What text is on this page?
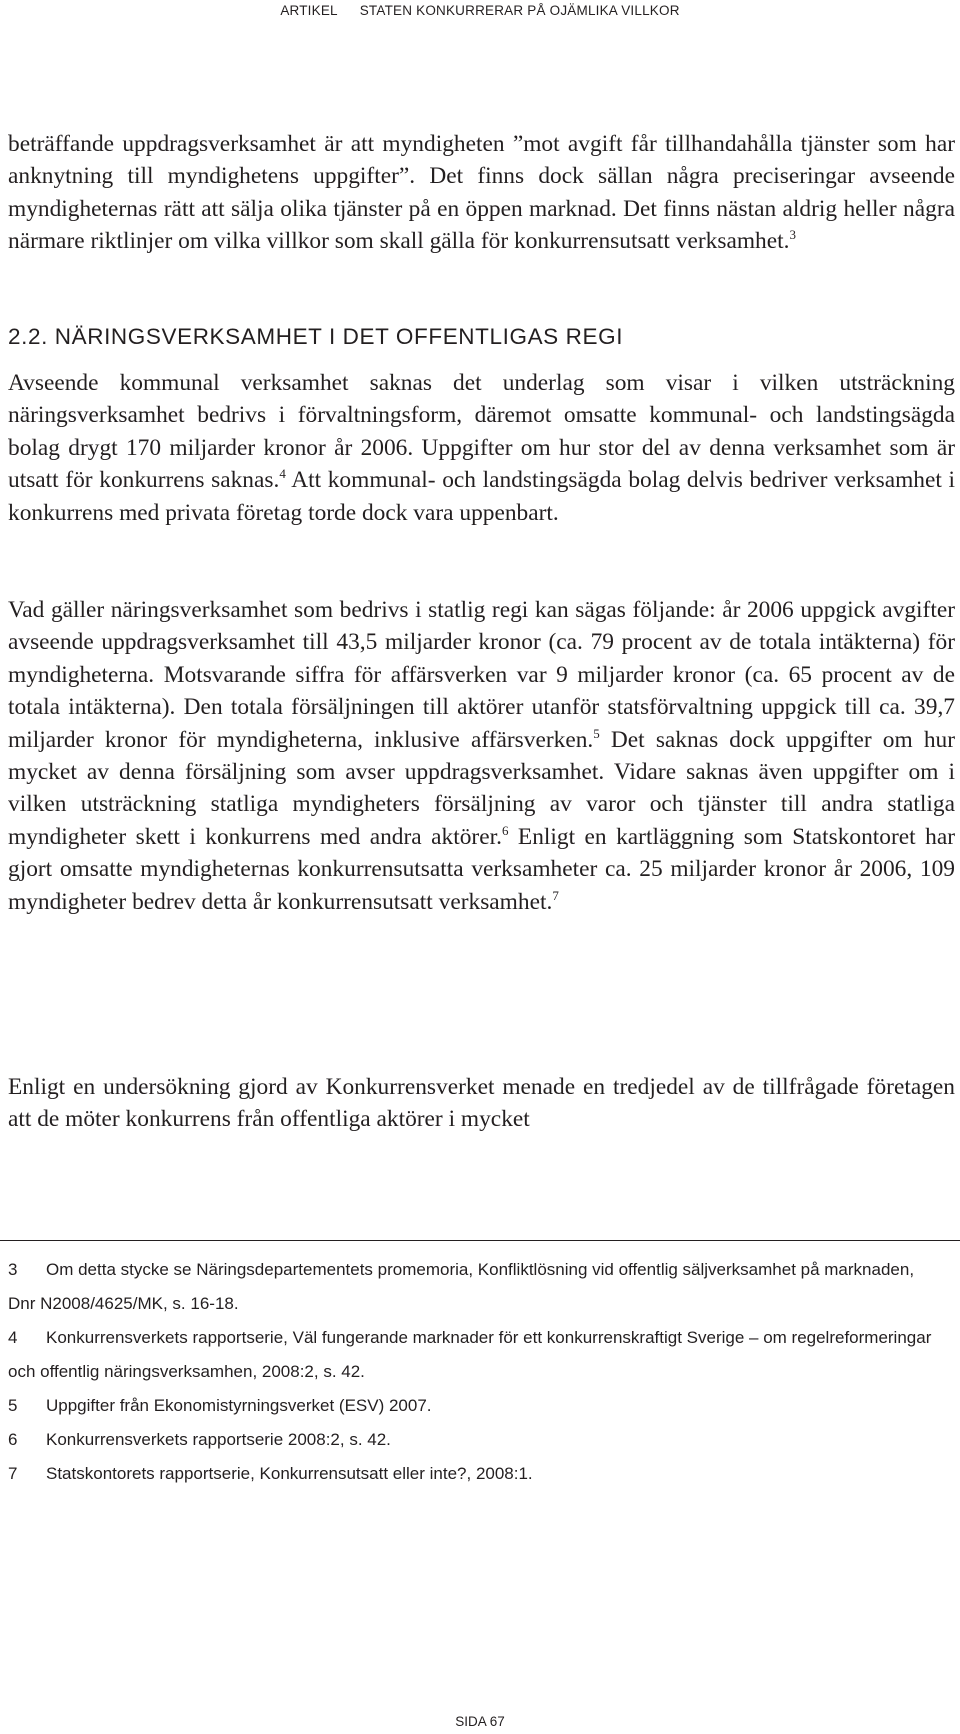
ARTIKEL STATEN KONKURRERAR PÅ OJÄMLIKA VILLKOR

beträffande uppdragsverksamhet är att myndigheten ”mot avgift får tillhandahålla tjänster som har anknytning till myndighetens uppgifter”. Det finns dock sällan några preciseringar avseende myndigheternas rätt att sälja olika tjänster på en öppen marknad. Det finns nästan aldrig heller några närmare riktlinjer om vilka villkor som skall gälla för konkurrensutsatt verksamhet.$^3$

2.2. NÄRINGSVERKSAMHET I DET OFFENTLIGAS REGI

Avseende kommunal verksamhet saknas det underlag som visar i vilken utsträckning näringsverksamhet bedrivs i förvaltningsform, däremot omsatte kommunal- och landstingsägda bolag drygt 170 miljarder kronor år 2006. Uppgifter om hur stor del av denna verksamhet som är utsatt för konkurrens saknas.$^4$ Att kommunal- och landstingsägda bolag delvis bedriver verksamhet i konkurrens med privata företag torde dock vara uppenbart.

Vad gäller näringsverksamhet som bedrivs i statlig regi kan sägas följande: år 2006 uppgick avgifter avseende uppdragsverksamhet till 43,5 miljarder kronor (ca. 79 procent av de totala intäkterna) för myndigheterna. Motsvarande siffra för affärsverken var 9 miljarder kronor (ca. 65 procent av de totala intäkterna). Den totala försäljningen till aktörer utanför statsförvaltning uppgick till ca. 39,7 miljarder kronor för myndigheterna, inklusive affärsverken.$^5$ Det saknas dock uppgifter om hur mycket av denna försäljning som avser uppdragsverksamhet. Vidare saknas även uppgifter om i vilken utsträckning statliga myndigheters försäljning av varor och tjänster till andra statliga myndigheter skett i konkurrens med andra aktörer.$^6$ Enligt en kartläggning som Statskontoret har gjort omsatte myndigheternas konkurrensutsatta verksamheter ca. 25 miljarder kronor år 2006, 109 myndigheter bedrev detta år konkurrensutsatt verksamhet.$^7$

Enligt en undersökning gjord av Konkurrensverket menade en tredjedel av de tillfrågade företagen att de möter konkurrens från offentliga aktörer i mycket

3 Om detta stycke se Näringsdepartementets promemoria, Konfliktlösning vid offentlig säljverksamhet på marknaden, Dnr N2008/4625/MK, s. 16-18.

4 Konkurrensverkets rapportserie, Väl fungerande marknader för ett konkurrenskraftigt Sverige – om regelreformeringar och offentlig näringsverksamhen, 2008:2, s. 42.

5 Uppgifter från Ekonomistyrningsverket (ESV) 2007.

6 Konkurrensverkets rapportserie 2008:2, s. 42.

7 Statskontorets rapportserie, Konkurrensutsatt eller inte?, 2008:1.

SIDA 67
